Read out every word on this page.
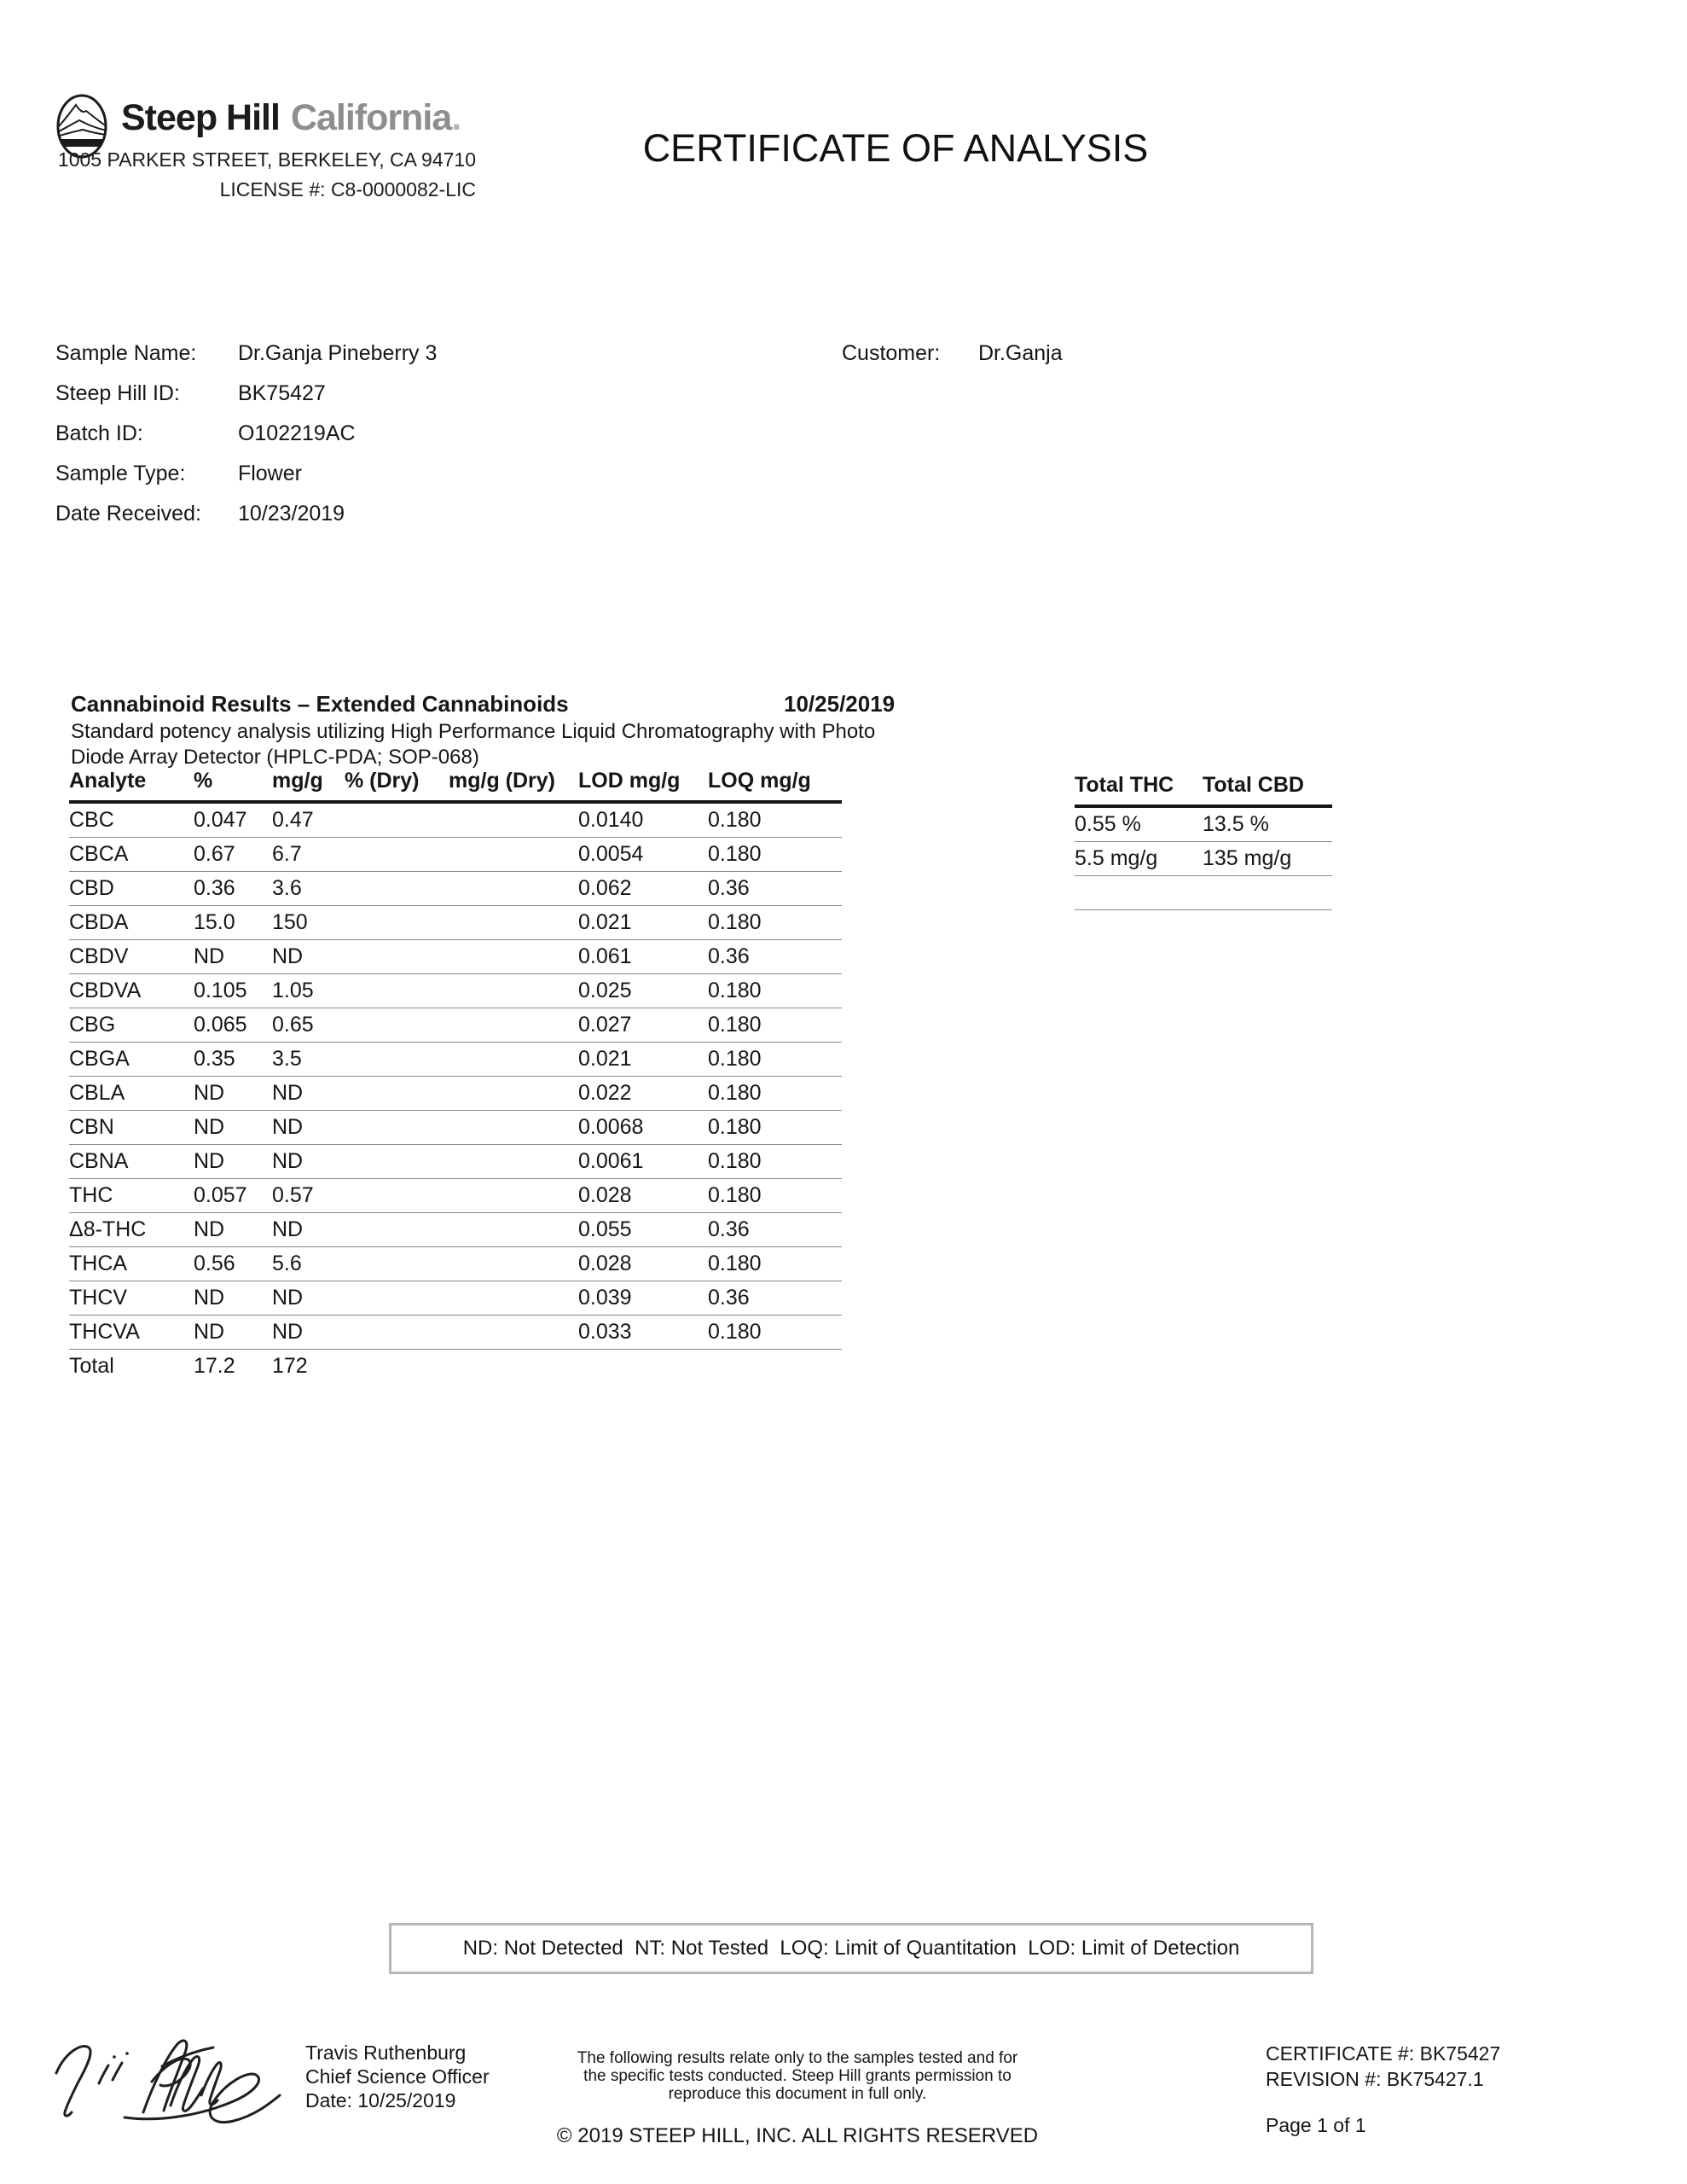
Steep Hill California.
1005 PARKER STREET, BERKELEY, CA 94710
LICENSE #: C8-0000082-LIC
CERTIFICATE OF ANALYSIS
Sample Name: Dr.Ganja Pineberry 3
Steep Hill ID:	BK75427
Batch ID:	O102219AC
Sample Type: Flower
Date Received: 10/23/2019
Customer: Dr.Ganja
Cannabinoid Results – Extended Cannabinoids	10/25/2019
Standard potency analysis utilizing High Performance Liquid Chromatography with Photo
Diode Array Detector (HPLC-PDA; SOP-068)
Analyte	%	mg/g	% (Dry)	mg/g (Dry)	LOD mg/g	LOQ mg/g
CBC	0.047	0.47			0.0140	0.180
CBCA	0.67	6.7			0.0054	0.180
CBD	0.36	3.6			0.062	0.36
CBDA	15.0	150			0.021	0.180
CBDV	ND	ND			0.061	0.36
CBDVA	0.105	1.05			0.025	0.180
CBG	0.065	0.65			0.027	0.180
CBGA	0.35	3.5			0.021	0.180
CBLA	ND	ND			0.022	0.180
CBN	ND	ND			0.0068	0.180
CBNA	ND	ND			0.0061	0.180
THC	0.057	0.57			0.028	0.180
Δ8-THC	ND	ND			0.055	0.36
THCA	0.56	5.6			0.028	0.180
THCV	ND	ND			0.039	0.36
THCVA	ND	ND			0.033	0.180
Total	17.2	172				
Total THC	Total CBD
0.55 %	13.5 %
5.5 mg/g	135 mg/g

ND: Not Detected  NT: Not Tested  LOQ: Limit of Quantitation  LOD: Limit of Detection
Travis Ruthenburg
Chief Science Officer
Date: 10/25/2019
The following results relate only to the samples tested and for
the specific tests conducted. Steep Hill grants permission to
reproduce this document in full only.
© 2019 STEEP HILL, INC. ALL RIGHTS RESERVED
CERTIFICATE #: BK75427
REVISION #: BK75427.1
Page 1 of 1
